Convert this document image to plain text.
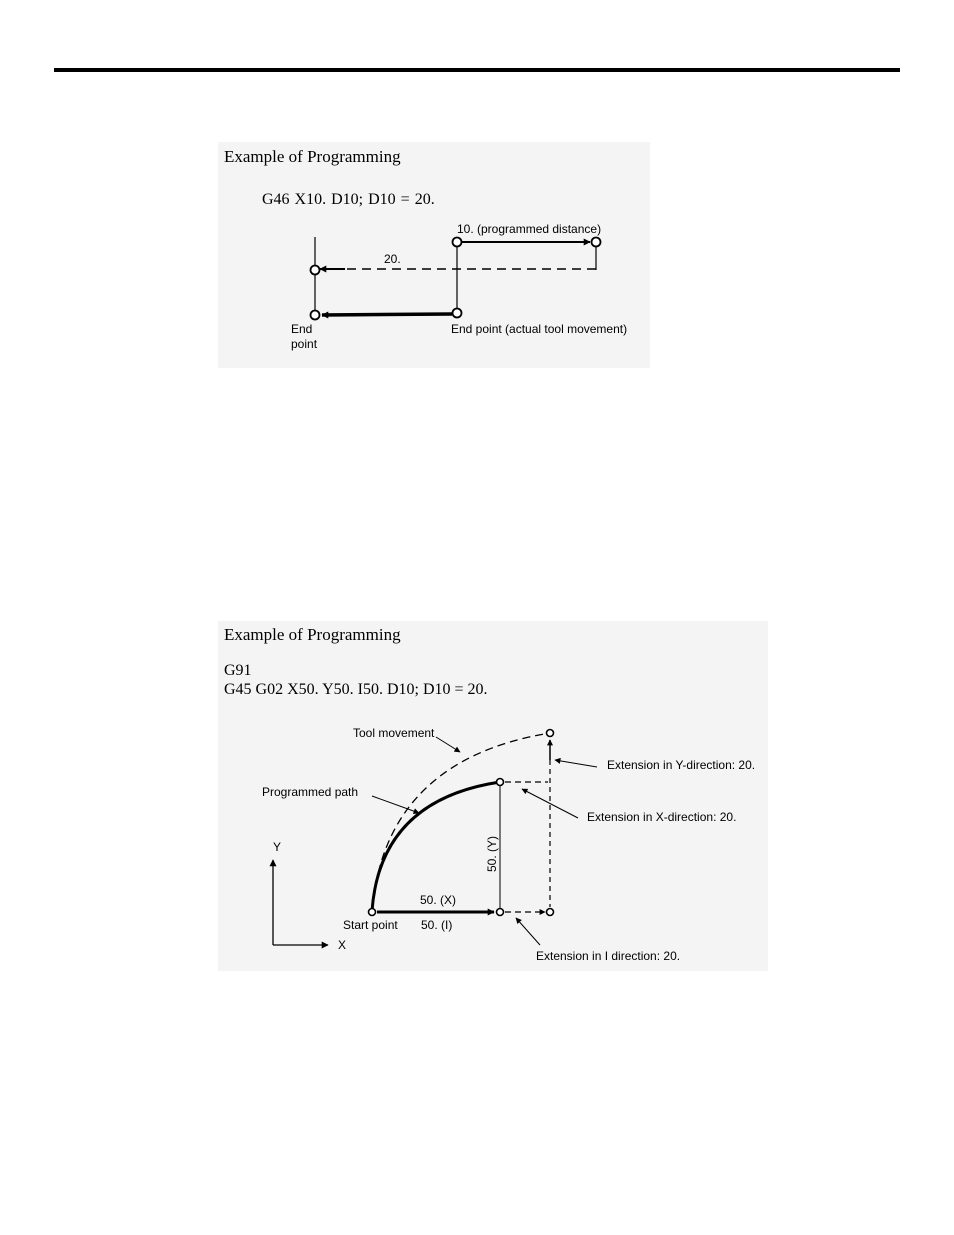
Example of Programming
G46 X10. D10; D10 = 20.
10. (programmed distance)
20.
End
point
End point (actual tool movement)
Example of Programming
G91
G45 G02 X50. Y50. I50. D10; D10 = 20.
Tool movement
Programmed path
Extension in Y-direction: 20.
Extension in X-direction: 20.
Extension in I direction: 20.
50. (Y)
50. (X)
50. (I)
Start point
Y
X
